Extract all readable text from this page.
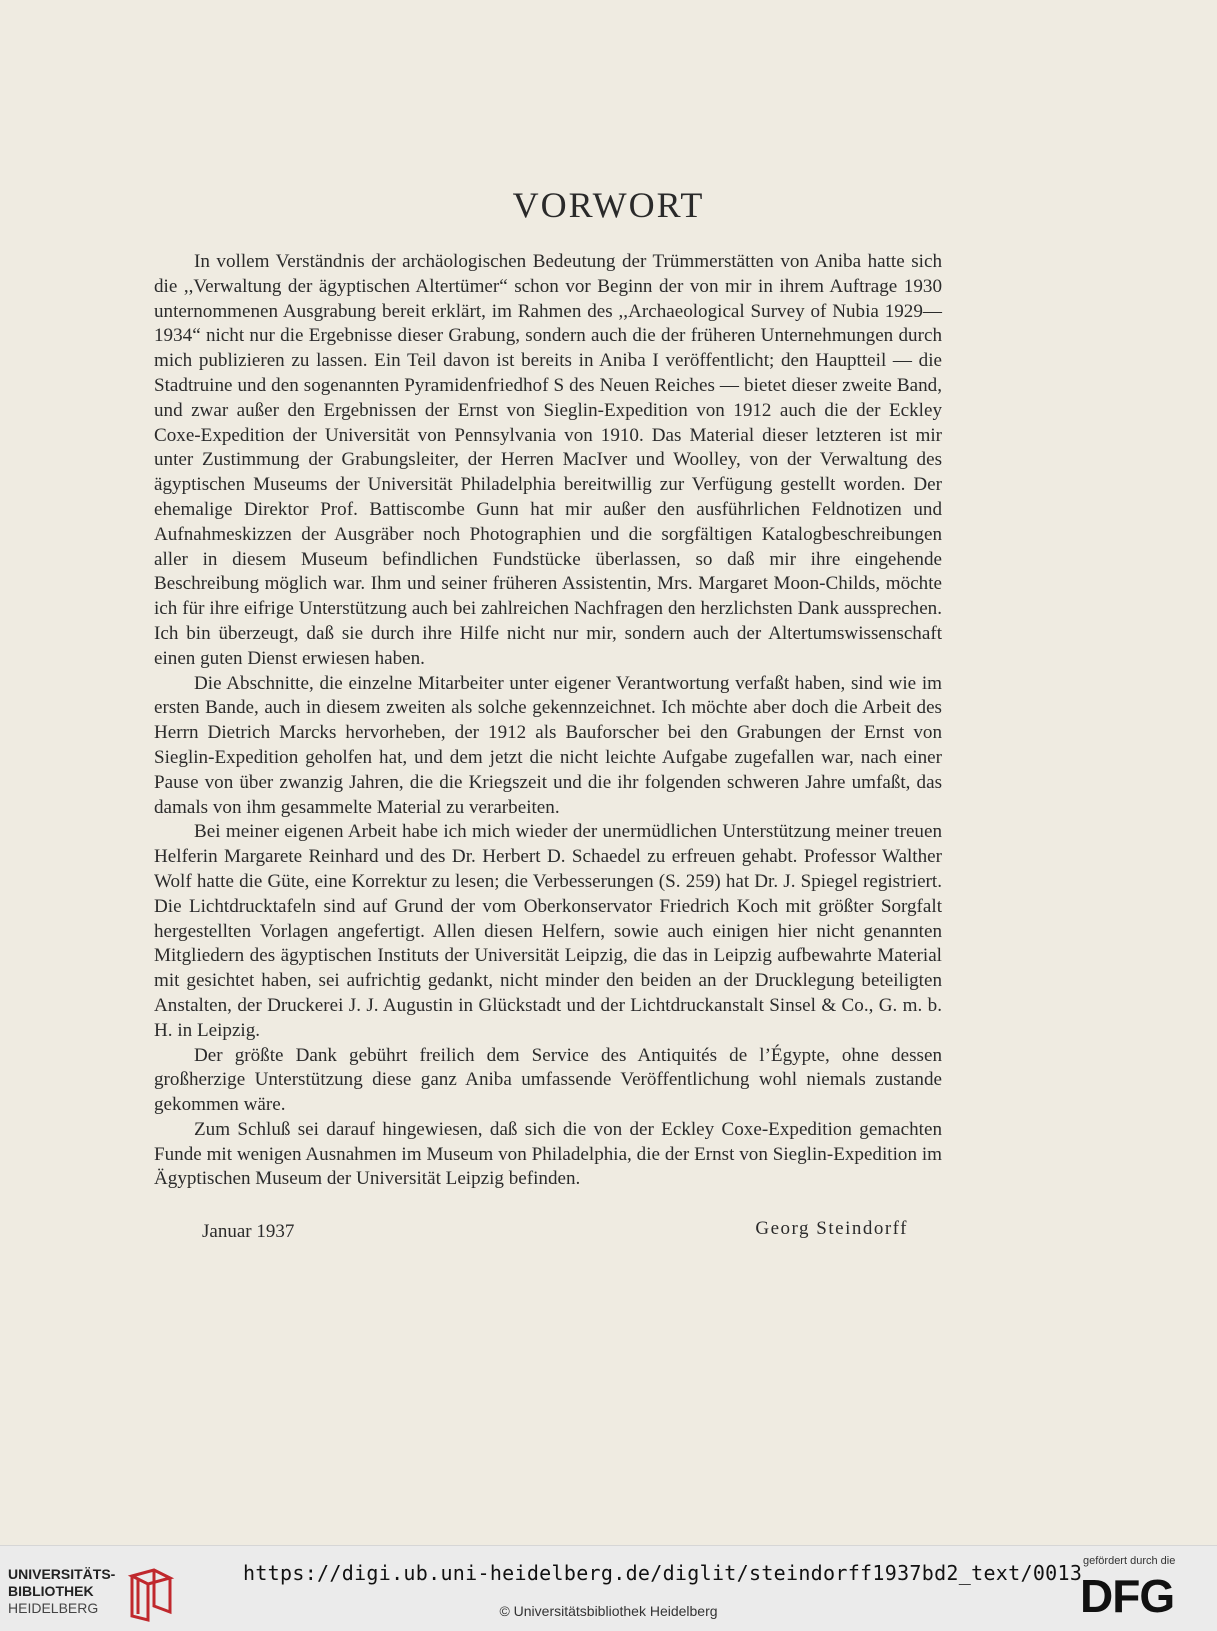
VORWORT

In vollem Verständnis der archäologischen Bedeutung der Trümmerstätten von Aniba hatte sich die ,,Verwaltung der ägyptischen Altertümer“ schon vor Beginn der von mir in ihrem Auftrage 1930 unternommenen Ausgrabung bereit erklärt, im Rahmen des ,,Archaeological Survey of Nubia 1929—1934“ nicht nur die Ergebnisse dieser Grabung, sondern auch die der früheren Unternehmungen durch mich publizieren zu lassen. Ein Teil davon ist bereits in Aniba I veröffentlicht; den Hauptteil — die Stadtruine und den sogenannten Pyramidenfriedhof S des Neuen Reiches — bietet dieser zweite Band, und zwar außer den Ergebnissen der Ernst von Sieglin-Expedition von 1912 auch die der Eckley Coxe-Expedition der Universität von Pennsylvania von 1910. Das Material dieser letzteren ist mir unter Zustimmung der Grabungsleiter, der Herren MacIver und Woolley, von der Verwaltung des ägyptischen Museums der Universität Philadelphia bereitwillig zur Verfügung gestellt worden. Der ehemalige Direktor Prof. Battiscombe Gunn hat mir außer den ausführlichen Feldnotizen und Aufnahmeskizzen der Ausgräber noch Photographien und die sorgfältigen Katalogbeschreibungen aller in diesem Museum befindlichen Fundstücke überlassen, so daß mir ihre eingehende Beschreibung möglich war. Ihm und seiner früheren Assistentin, Mrs. Margaret Moon-Childs, möchte ich für ihre eifrige Unterstützung auch bei zahlreichen Nachfragen den herzlichsten Dank aussprechen. Ich bin überzeugt, daß sie durch ihre Hilfe nicht nur mir, sondern auch der Altertumswissenschaft einen guten Dienst erwiesen haben.

Die Abschnitte, die einzelne Mitarbeiter unter eigener Verantwortung verfaßt haben, sind wie im ersten Bande, auch in diesem zweiten als solche gekennzeichnet. Ich möchte aber doch die Arbeit des Herrn Dietrich Marcks hervorheben, der 1912 als Bauforscher bei den Grabungen der Ernst von Sieglin-Expedition geholfen hat, und dem jetzt die nicht leichte Aufgabe zugefallen war, nach einer Pause von über zwanzig Jahren, die die Kriegszeit und die ihr folgenden schweren Jahre umfaßt, das damals von ihm gesammelte Material zu verarbeiten.

Bei meiner eigenen Arbeit habe ich mich wieder der unermüdlichen Unterstützung meiner treuen Helferin Margarete Reinhard und des Dr. Herbert D. Schaedel zu erfreuen gehabt. Professor Walther Wolf hatte die Güte, eine Korrektur zu lesen; die Verbesserungen (S. 259) hat Dr. J. Spiegel registriert. Die Lichtdrucktafeln sind auf Grund der vom Oberkonservator Friedrich Koch mit größter Sorgfalt hergestellten Vorlagen angefertigt. Allen diesen Helfern, sowie auch einigen hier nicht genannten Mitgliedern des ägyptischen Instituts der Universität Leipzig, die das in Leipzig aufbewahrte Material mit gesichtet haben, sei aufrichtig gedankt, nicht minder den beiden an der Drucklegung beteiligten Anstalten, der Druckerei J. J. Augustin in Glückstadt und der Lichtdruckanstalt Sinsel & Co., G. m. b. H. in Leipzig.

Der größte Dank gebührt freilich dem Service des Antiquités de l’Égypte, ohne dessen großherzige Unterstützung diese ganz Aniba umfassende Veröffentlichung wohl niemals zustande gekommen wäre.

Zum Schluß sei darauf hingewiesen, daß sich die von der Eckley Coxe-Expedition gemachten Funde mit wenigen Ausnahmen im Museum von Philadelphia, die der Ernst von Sieglin-Expedition im Ägyptischen Museum der Universität Leipzig befinden.

Januar 1937	Georg Steindorff
UNIVERSITÄTS-
BIBLIOTHEK
HEIDELBERG
https://digi.ub.uni-heidelberg.de/diglit/steindorff1937bd2_text/0013
© Universitätsbibliothek Heidelberg
gefördert durch die
DFG
